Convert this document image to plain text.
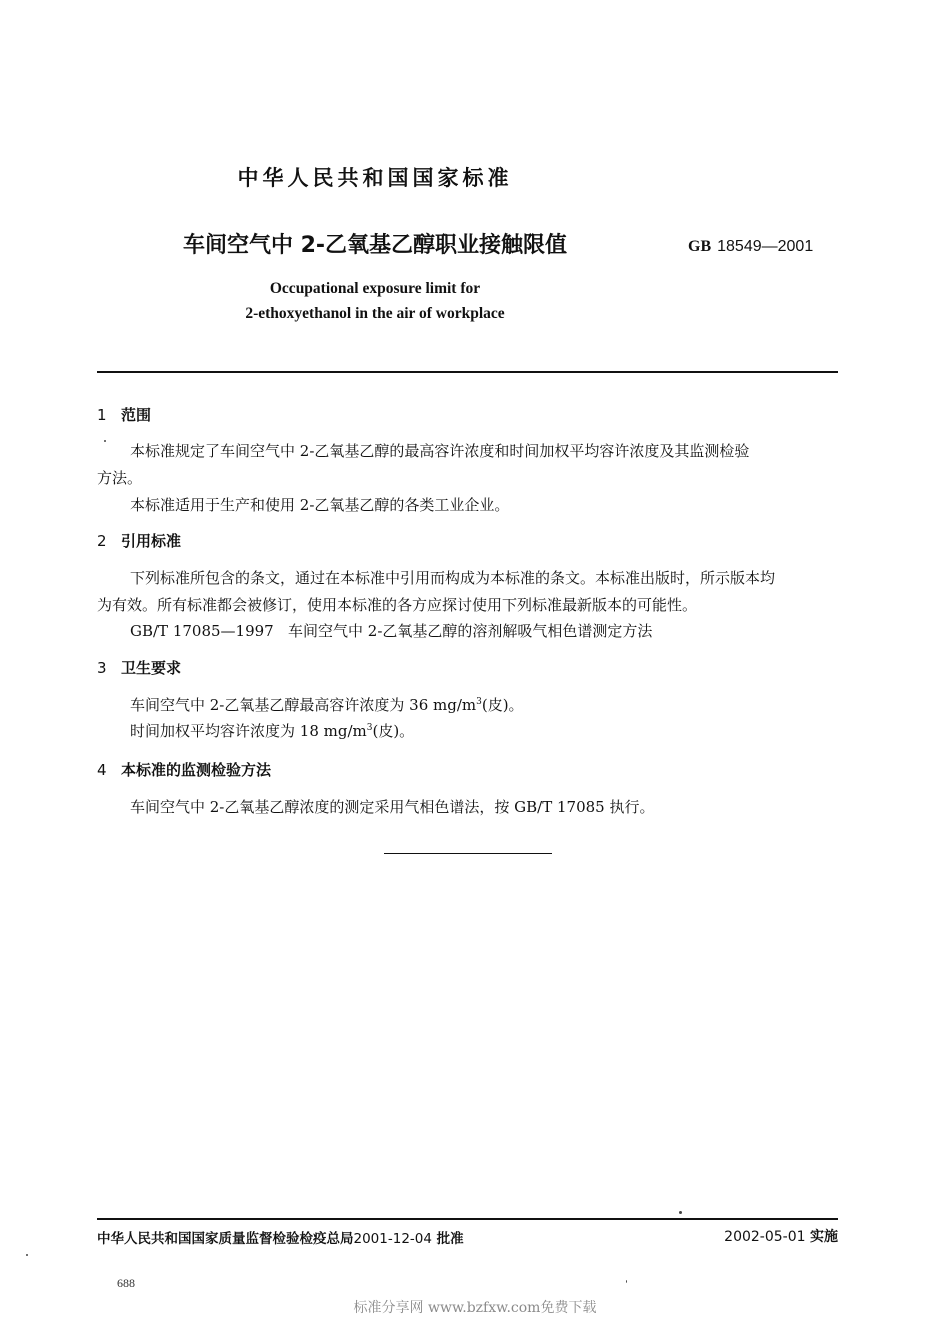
中华人民共和国国家标准
车间空气中 2-乙氧基乙醇职业接触限值	GB 18549—2001
Occupational exposure limit for
2-ethoxyethanol in the air of workplace
1 范围
本标准规定了车间空气中 2-乙氧基乙醇的最高容许浓度和时间加权平均容许浓度及其监测检验
方法。
本标准适用于生产和使用 2-乙氧基乙醇的各类工业企业。
2 引用标准
下列标准所包含的条文，通过在本标准中引用而构成为本标准的条文。本标准出版时，所示版本均
为有效。所有标准都会被修订，使用本标准的各方应探讨使用下列标准最新版本的可能性。
GB/T 17085—1997   车间空气中 2-乙氧基乙醇的溶剂解吸气相色谱测定方法
3 卫生要求
车间空气中 2-乙氧基乙醇最高容许浓度为 36 $mg/m^3$(皮)。
时间加权平均容许浓度为 18 $mg/m^3$(皮)。
4 本标准的监测检验方法
车间空气中 2-乙氧基乙醇浓度的测定采用气相色谱法，按 GB/T 17085 执行。
中华人民共和国国家质量监督检验检疫总局2001-12-04 批准	2002-05-01 实施
688
标准分享网 www.bzfxw.com免费下载
